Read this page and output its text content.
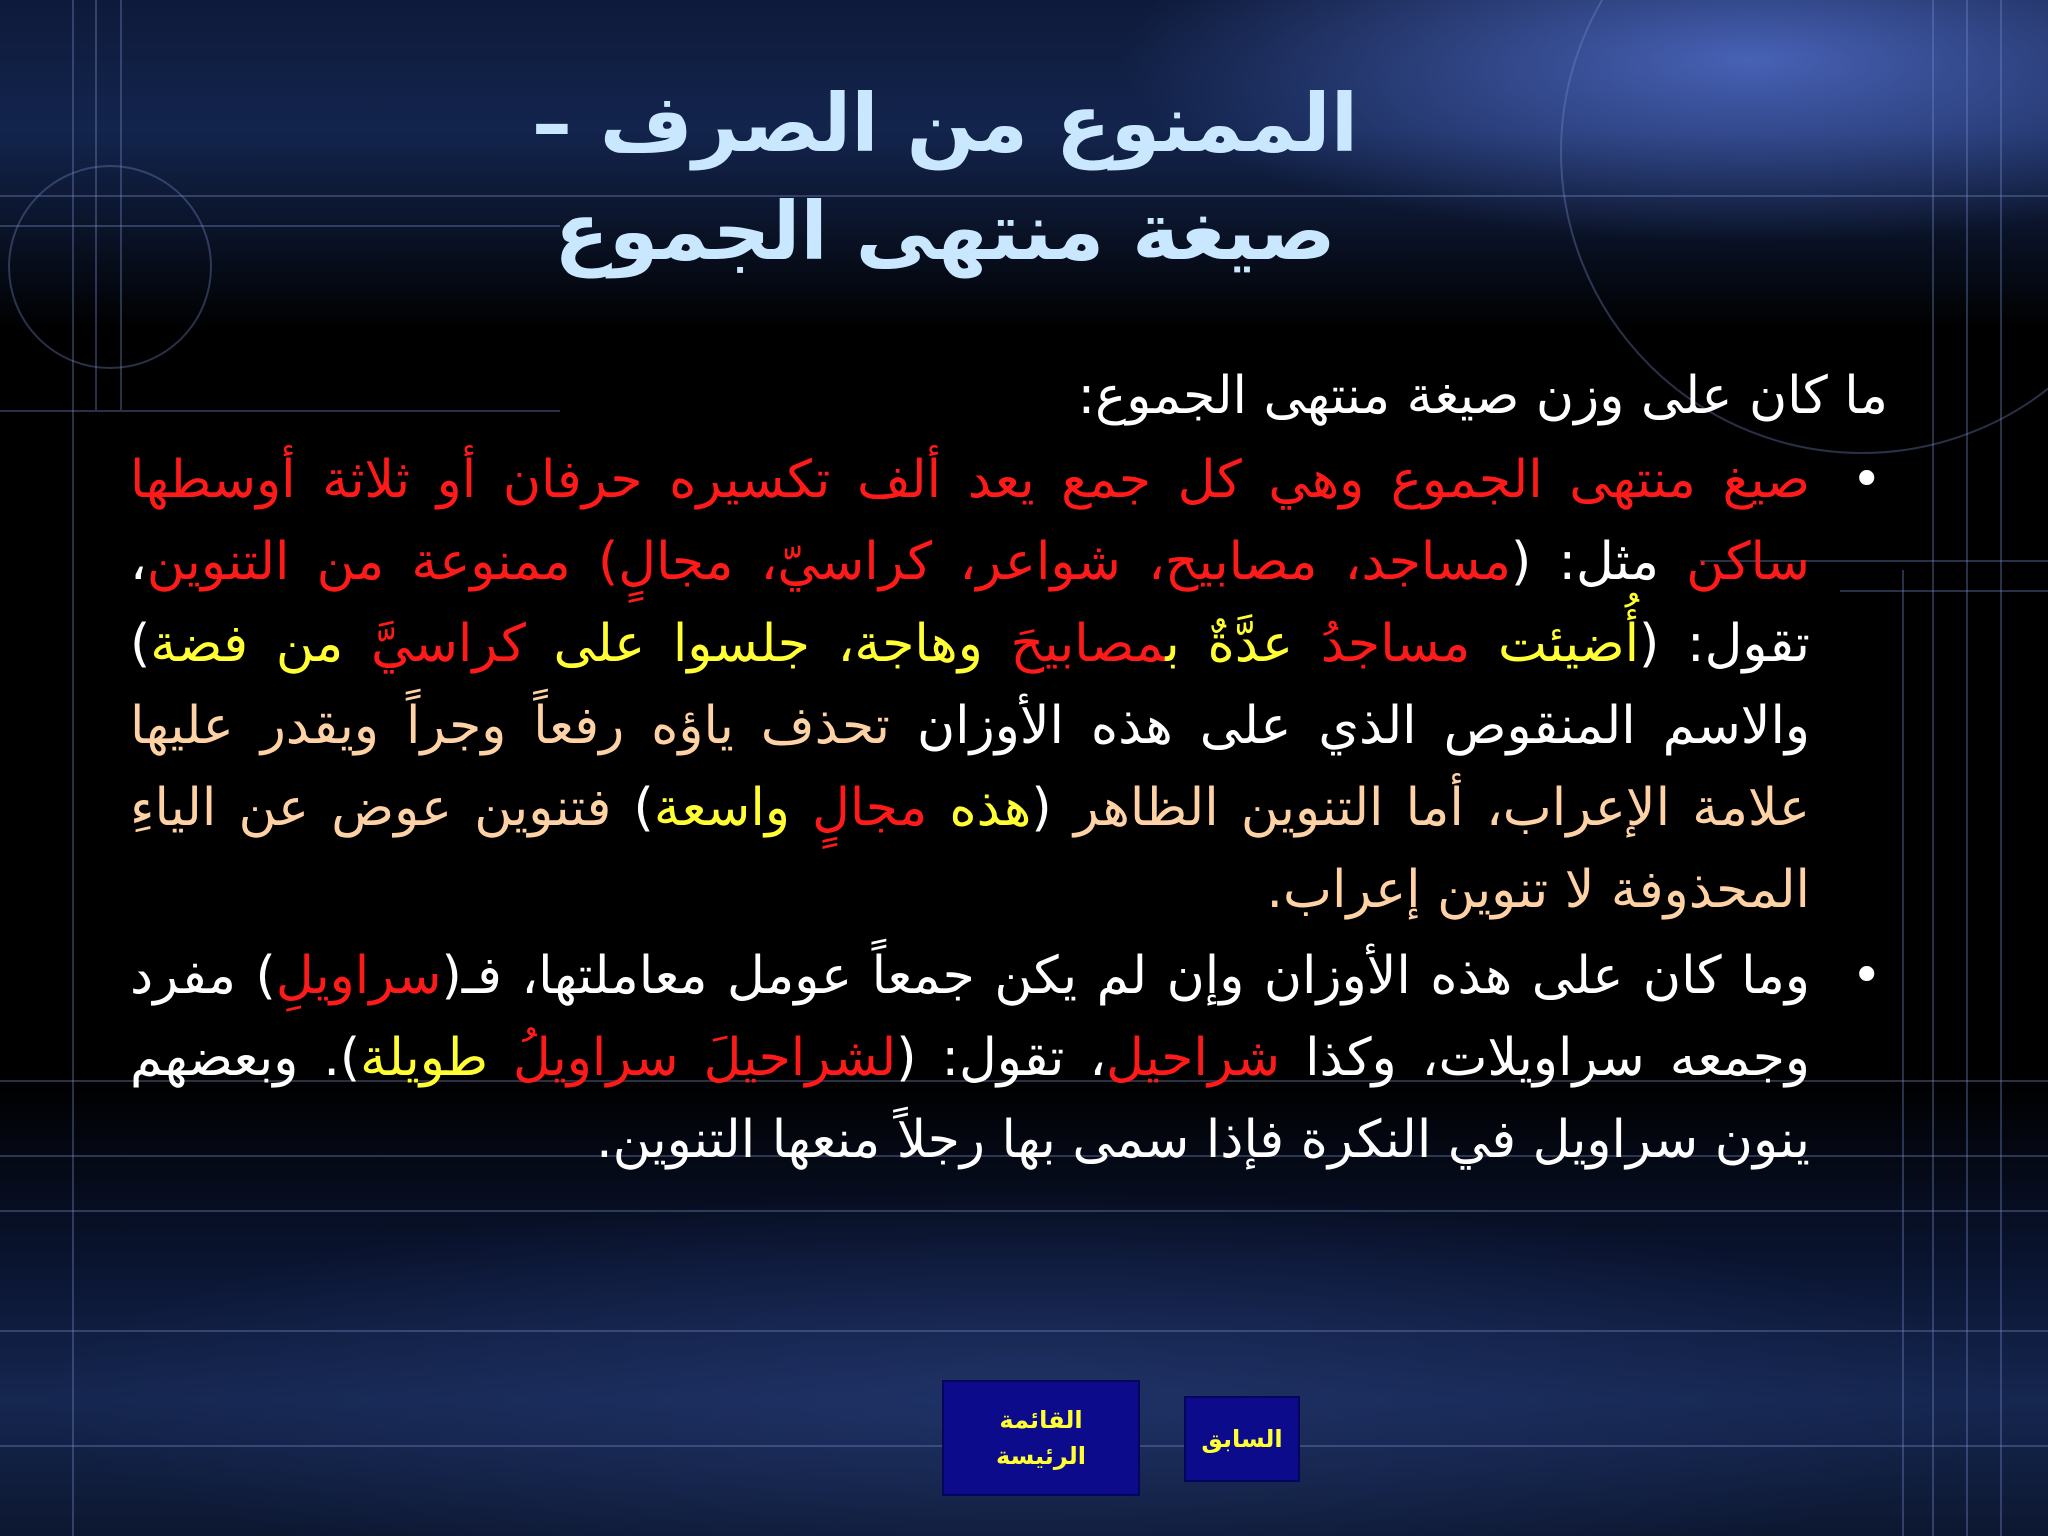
الممنوع من الصرف –
صيغة منتهى الجموع
ما كان على وزن صيغة منتهى الجموع:
•
صيغ منتهى الجموع وهي كل جمع يعد ألف تكسيره حرفان أو ثلاثة أوسطها ساكن مثل: (مساجد، مصابيح، شواعر، كراسيّ، مجالٍ) ممنوعة من التنوين، تقول: (أُضيئت مساجدُ عدَّةٌ بمصابيحَ وهاجة، جلسوا على كراسيَّ من فضة) والاسم المنقوص الذي على هذه الأوزان تحذف ياؤه رفعاً وجراً ويقدر عليها علامة الإعراب، أما التنوين الظاهر (هذه مجالٍ واسعة) فتنوين عوض عن الياءِ المحذوفة لا تنوين إعراب.
•
وما كان على هذه الأوزان وإن لم يكن جمعاً عومل معاملتها، فـ(سراويلِ) مفرد وجمعه سراويلات، وكذا شراحيل، تقول: (لشراحيلَ سراويلُ طويلة). وبعضهم ينون سراويل في النكرة فإذا سمى بها رجلاً منعها التنوين.
القائمة
الرئيسة
السابق
